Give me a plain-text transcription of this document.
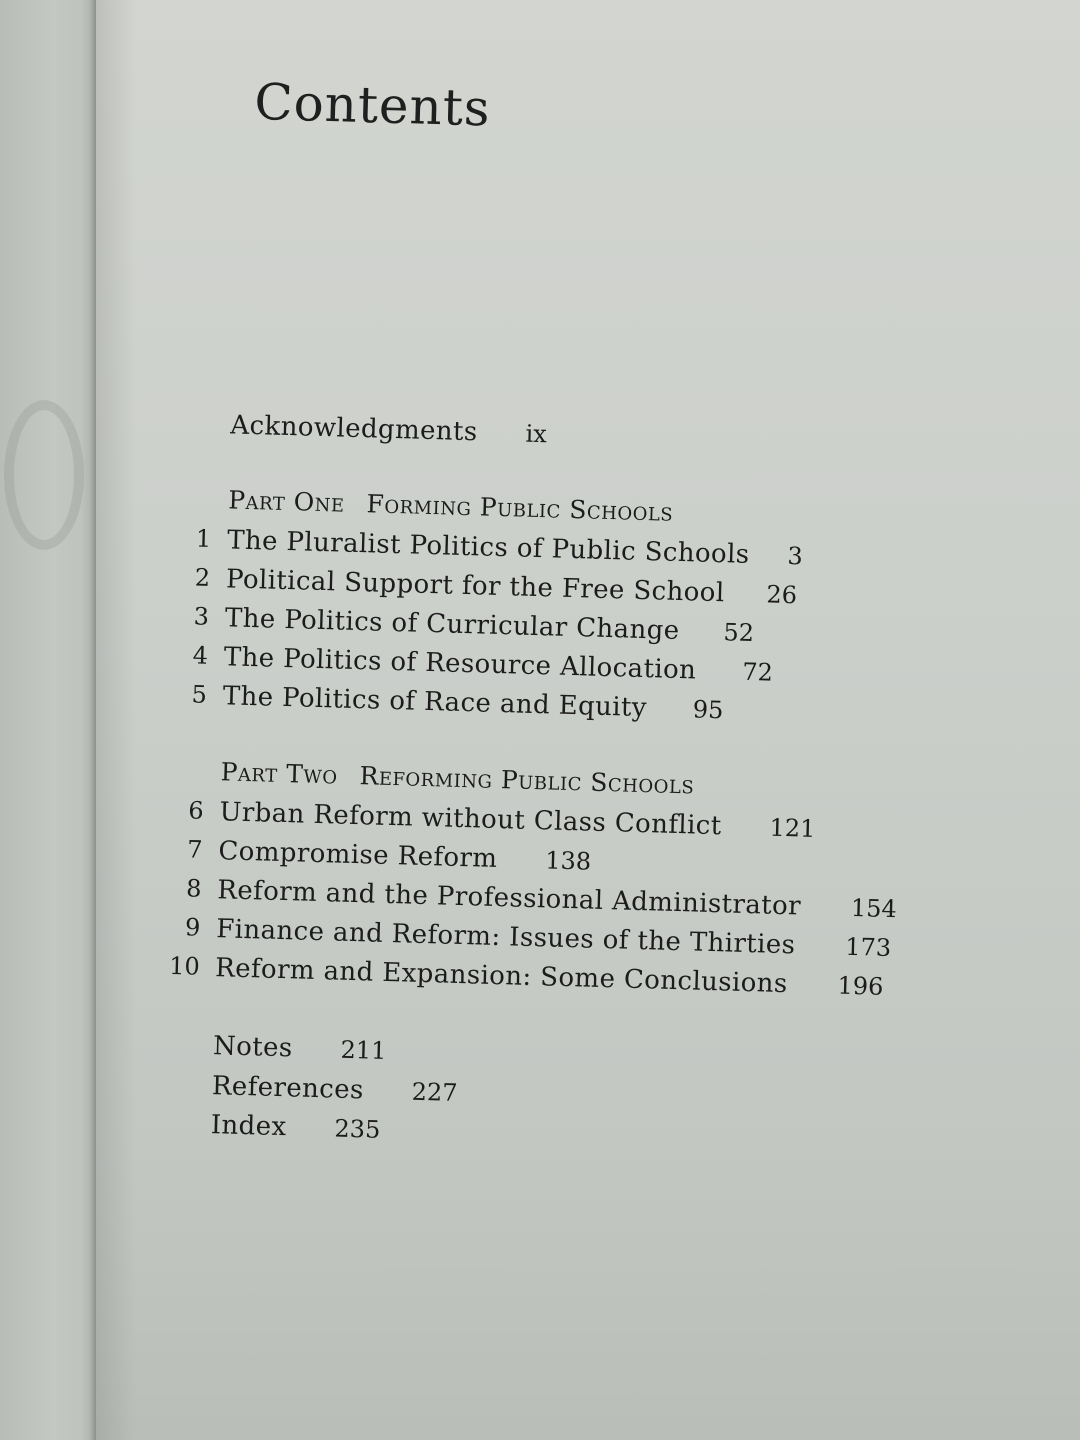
Contents
Acknowledgments ix
Part One Forming Public Schools
1 The Pluralist Politics of Public Schools 3
2 Political Support for the Free School 26
3 The Politics of Curricular Change 52
4 The Politics of Resource Allocation 72
5 The Politics of Race and Equity 95
Part Two Reforming Public Schools
6 Urban Reform without Class Conflict 121
7 Compromise Reform 138
8 Reform and the Professional Administrator 154
9 Finance and Reform: Issues of the Thirties 173
10 Reform and Expansion: Some Conclusions 196
Notes 211
References 227
Index 235
